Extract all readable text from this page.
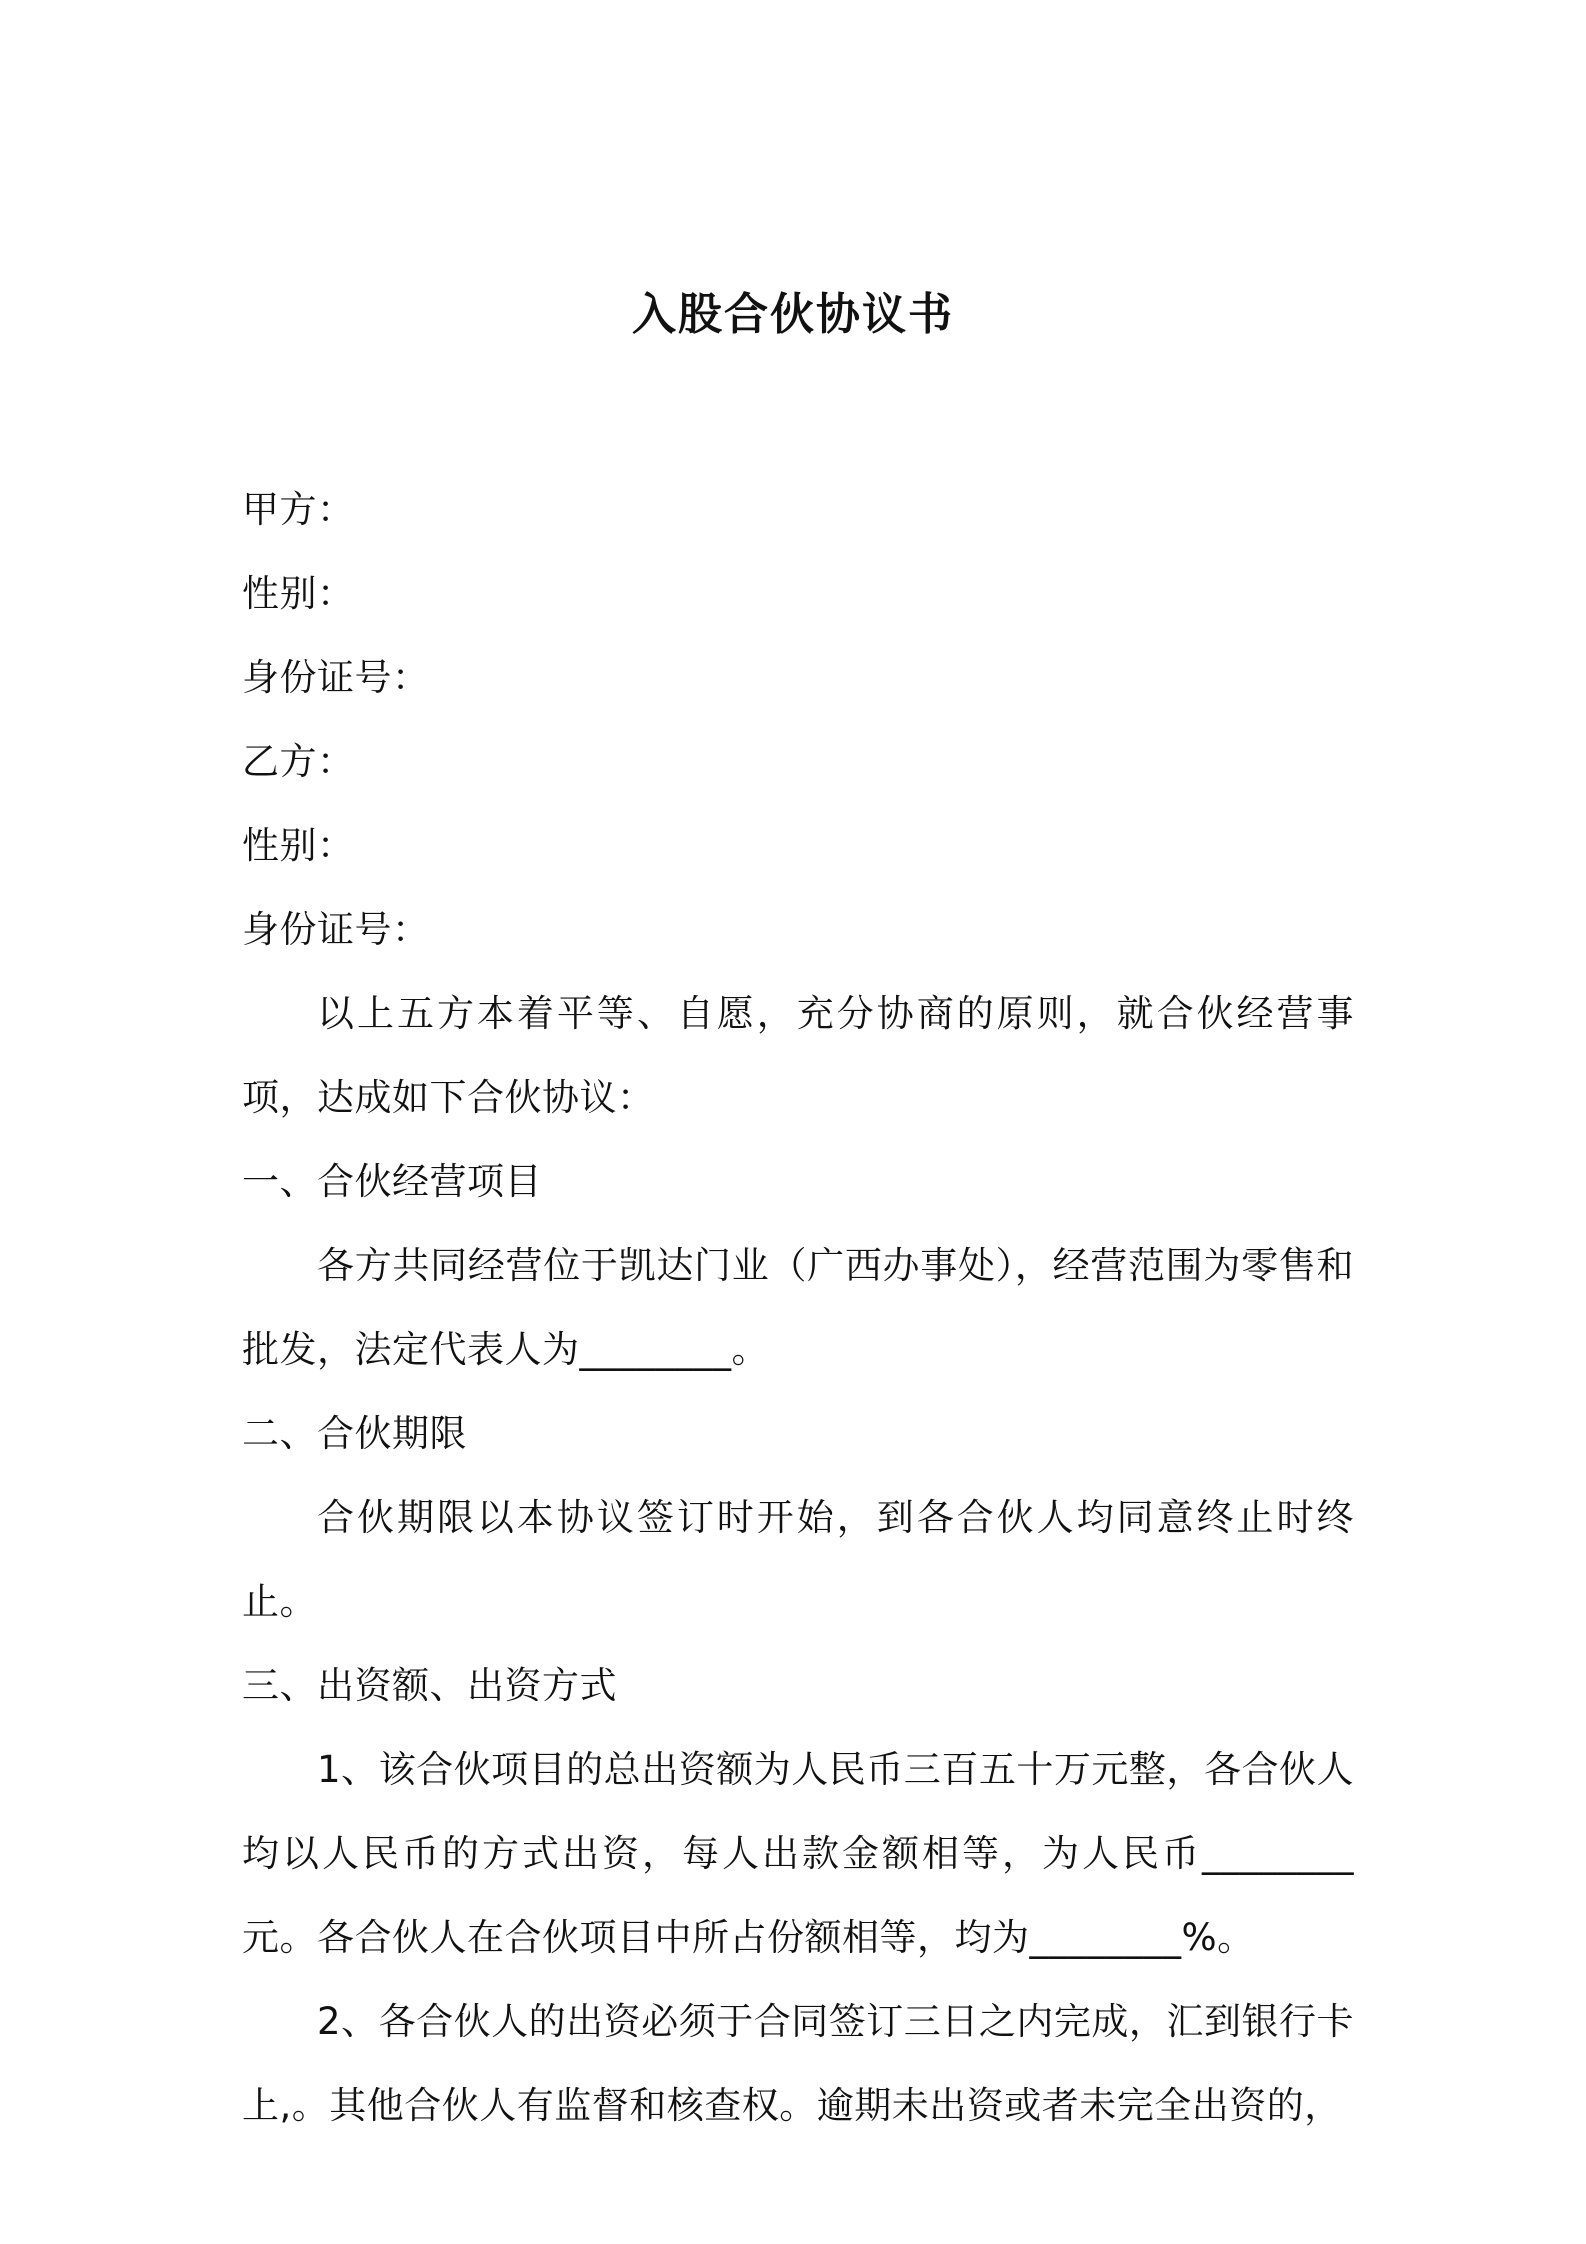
入股合伙协议书

甲方：

性别：

身份证号：

乙方：

性别：

身份证号：

以上五方本着平等、自愿，充分协商的原则，就合伙经营事项，达成如下合伙协议：

一、合伙经营项目

各方共同经营位于凯达门业（广西办事处），经营范围为零售和批发，法定代表人为________。

二、合伙期限

合伙期限以本协议签订时开始，到各合伙人均同意终止时终止。

三、出资额、出资方式

1、该合伙项目的总出资额为人民币三百五十万元整，各合伙人均以人民币的方式出资，每人出款金额相等，为人民币________元。各合伙人在合伙项目中所占份额相等，均为________%。

2、各合伙人的出资必须于合同签订三日之内完成，汇到银行卡上,。其他合伙人有监督和核查权。逾期未出资或者未完全出资的，
